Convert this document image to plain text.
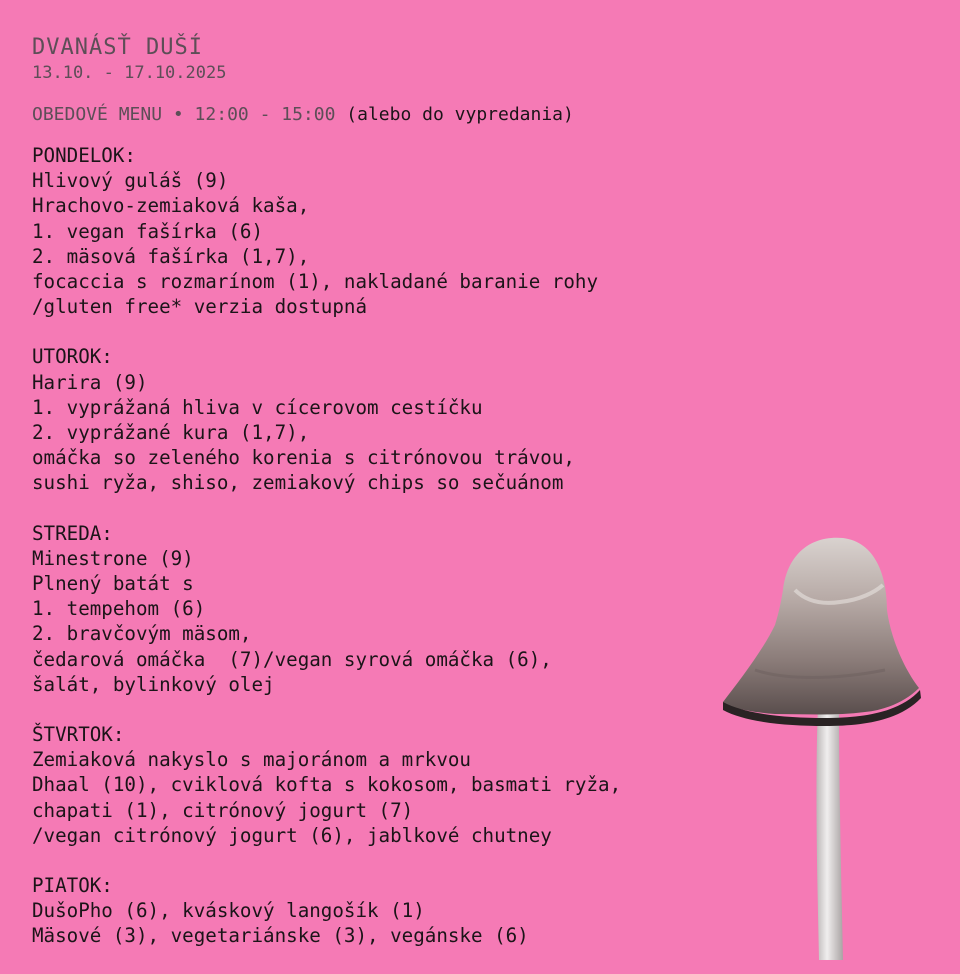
DVANÁSŤ DUŠÍ
13.10. - 17.10.2025
OBEDOVÉ MENU • 12:00 - 15:00 (alebo do vypredania)
PONDELOK:
Hlivový guláš (9)
Hrachovo-zemiaková kaša,
1. vegan fašírka (6)
2. mäsová fašírka (1,7),
focaccia s rozmarínom (1), nakladané baranie rohy
/gluten free* verzia dostupná
UTOROK:
Harira (9)
1. vyprážaná hliva v cícerovom cestíčku
2. vyprážané kura (1,7),
omáčka so zeleného korenia s citrónovou trávou,
sushi ryža, shiso, zemiakový chips so sečuánom
STREDA:
Minestrone (9)
Plnený batát s
1. tempehom (6)
2. bravčovým mäsom,
čedarová omáčka  (7)/vegan syrová omáčka (6),
šalát, bylinkový olej
ŠTVRTOK:
Zemiaková nakyslo s majoránom a mrkvou
Dhaal (10), cviklová kofta s kokosom, basmati ryža,
chapati (1), citrónový jogurt (7)
/vegan citrónový jogurt (6), jablkové chutney
PIATOK:
DušoPho (6), kváskový langošík (1)
Mäsové (3), vegetariánske (3), vegánske (6)
